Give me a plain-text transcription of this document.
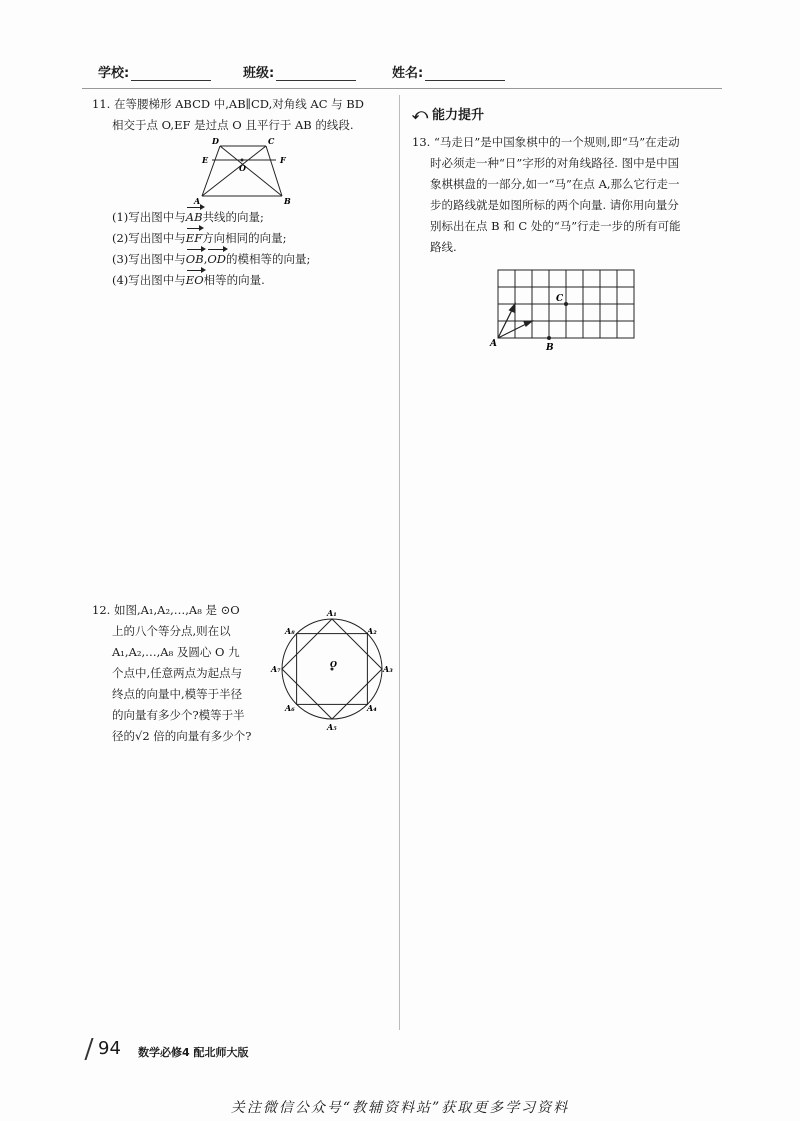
学校:	班级:	姓名:
11. 在等腰梯形 ABCD 中,AB∥CD,对角线 AC 与 BD
相交于点 O,EF 是过点 O 且平行于 AB 的线段.
A	B
C
D
E	F
O
(1)写出图中与AB共线的向量;
(2)写出图中与EF方向相同的向量;
(3)写出图中与OB,OD的模相等的向量;
(4)写出图中与EO相等的向量.
12. 如图,A₁,A₂,…,A₈ 是 ⊙O
上的八个等分点,则在以
A₁,A₂,…,A₈ 及圆心 O 九
个点中,任意两点为起点与
终点的向量中,模等于半径
的向量有多少个?模等于半
径的√2 倍的向量有多少个?
A₁
A₂
A₃
A₄
A₅
A₆
A₇
A₈
O
⤺ 能力提升
13. “马走日”是中国象棋中的一个规则,即“马”在走动
时必须走一种“日”字形的对角线路径. 图中是中国
象棋棋盘的一部分,如一“马”在点 A,那么它行走一
步的路线就是如图所标的两个向量. 请你用向量分
别标出在点 B 和 C 处的“马”行走一步的所有可能
路线.
A	B
C
94 数学必修4 配北师大版
关注微信公众号“教辅资料站”获取更多学习资料
